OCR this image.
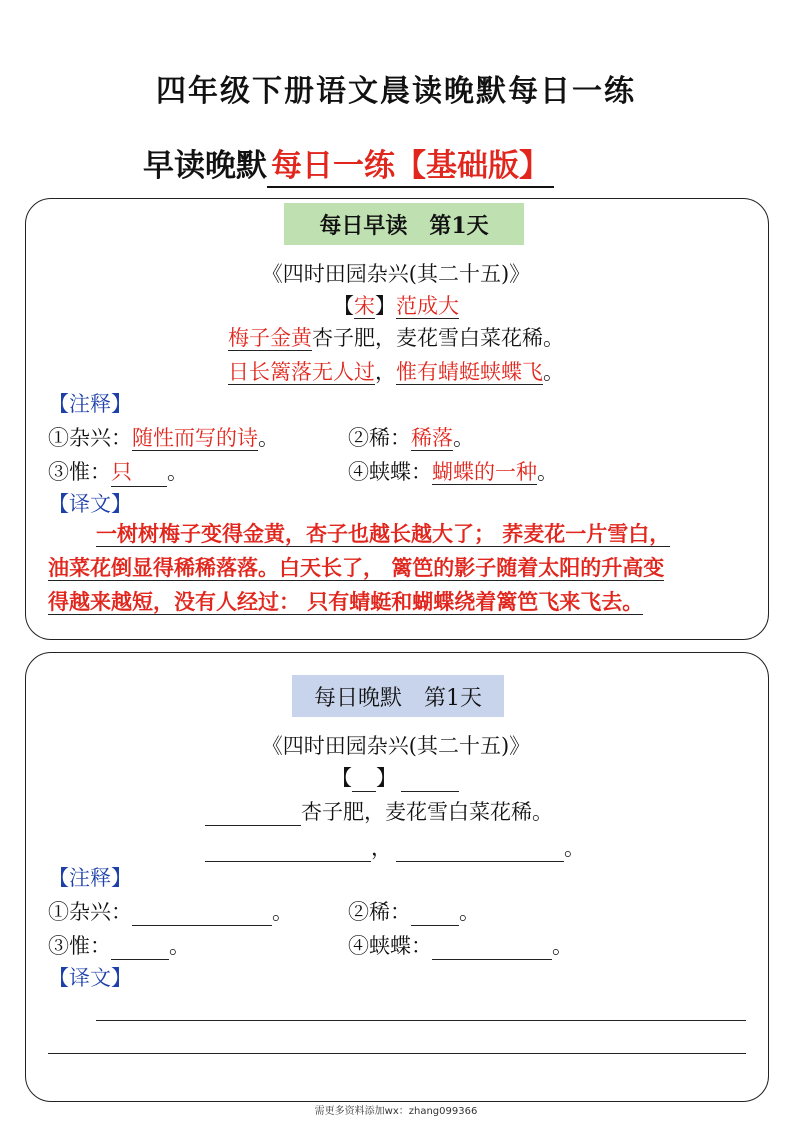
四年级下册语文晨读晚默每日一练
早读晚默 每日一练【基础版】
每日早读　第1天
《四时田园杂兴(其二十五)》
【宋】范成大
梅子金黄杏子肥，麦花雪白菜花稀。
日长篱落无人过，惟有蜻蜓蛱蝶飞。
【注释】
①杂兴：随性而写的诗。	②稀：稀落。
③惟：只 。	④蛱蝶：蝴蝶的一种。
【译文】
一树树梅子变得金黄，杏子也越长越大了； 荞麦花一片雪白，
油菜花倒显得稀稀落落。白天长了， 篱笆的影子随着太阳的升高变
得越来越短，没有人经过： 只有蜻蜓和蝴蝶绕着篱笆飞来飞去。
每日晚默　第1天
《四时田园杂兴(其二十五)》
【 】
杏子肥，麦花雪白菜花稀。
，	。
【注释】
①杂兴：	。	②稀： 。
③惟：	。	④蛱蝶：	。
【译文】
需更多资料添加wx：zhang099366
